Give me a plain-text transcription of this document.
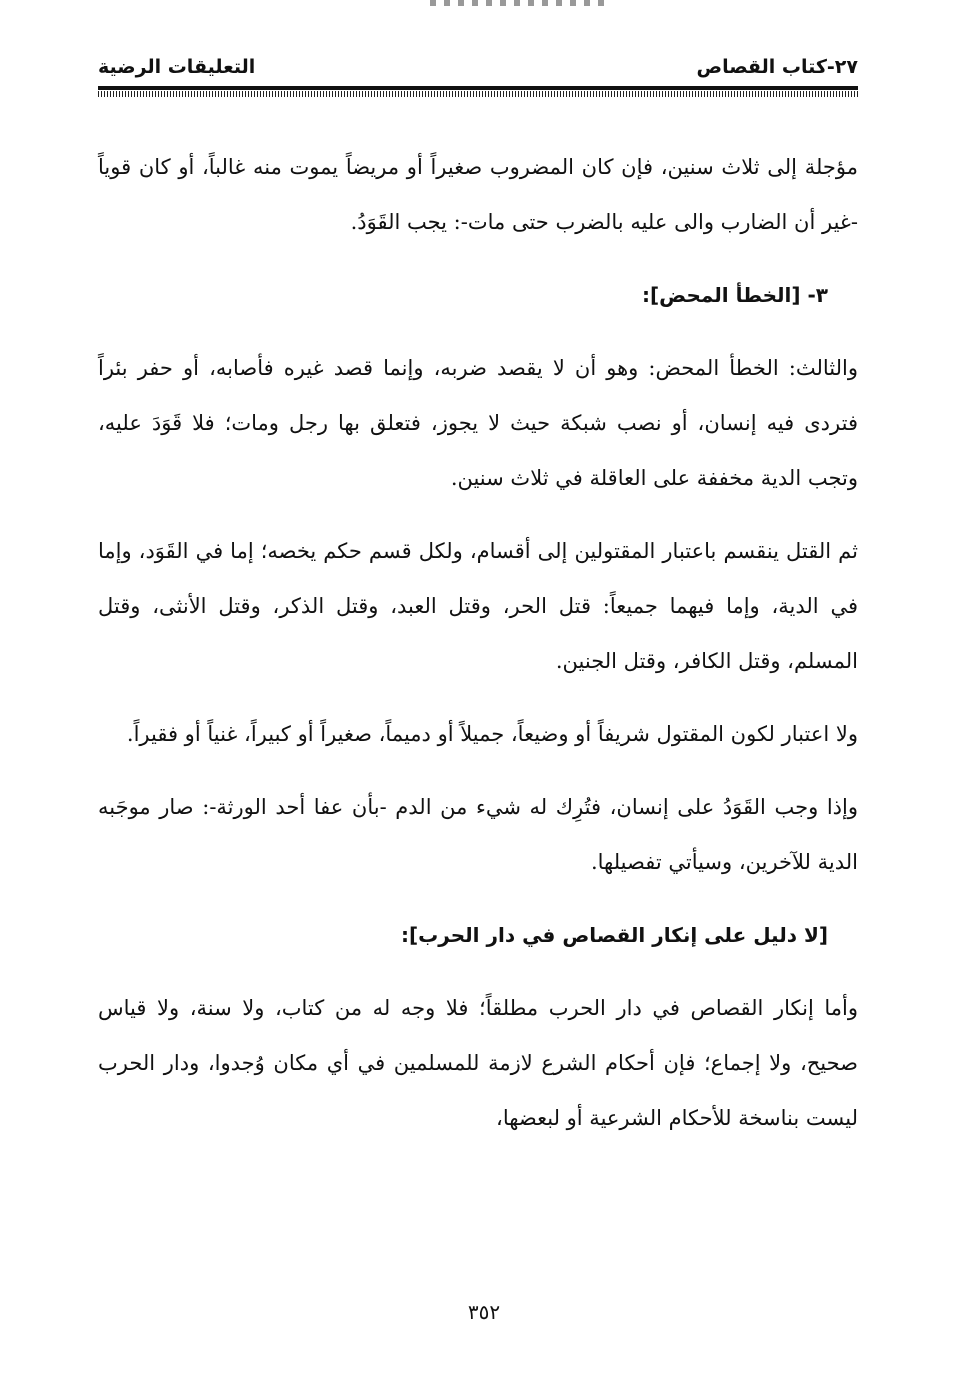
٢٧-كتاب القصاص
التعليقات الرضية

مؤجلة إلى ثلاث سنين، فإن كان المضروب صغيراً أو مريضاً يموت منه غالباً، أو كان قوياً -غير أن الضارب والى عليه بالضرب حتى مات-: يجب القَوَدُ.

٣- [الخطأ المحض]:

والثالث: الخطأ المحض: وهو أن لا يقصد ضربه، وإنما قصد غيره فأصابه، أو حفر بئراً فتردى فيه إنسان، أو نصب شبكة حيث لا يجوز، فتعلق بها رجل ومات؛ فلا قَوَدَ عليه، وتجب الدية مخففة على العاقلة في ثلاث سنين.

ثم القتل ينقسم باعتبار المقتولين إلى أقسام، ولكل قسم حكم يخصه؛ إما في القَوَد، وإما في الدية، وإما فيهما جميعاً: قتل الحر، وقتل العبد، وقتل الذكر، وقتل الأنثى، وقتل المسلم، وقتل الكافر، وقتل الجنين.

ولا اعتبار لكون المقتول شريفاً أو وضيعاً، جميلاً أو دميماً، صغيراً أو كبيراً، غنياً أو فقيراً.

وإذا وجب القَوَدُ على إنسان، فتُرِك له شيء من الدم -بأن عفا أحد الورثة-: صار موجَبه الدية للآخرين، وسيأتي تفصيلها.

[لا دليل على إنكار القصاص في دار الحرب]:

وأما إنكار القصاص في دار الحرب مطلقاً؛ فلا وجه له من كتاب، ولا سنة، ولا قياس صحيح، ولا إجماع؛ فإن أحكام الشرع لازمة للمسلمين في أي مكان وُجدوا، ودار الحرب ليست بناسخة للأحكام الشرعية أو لبعضها،

٣٥٢
